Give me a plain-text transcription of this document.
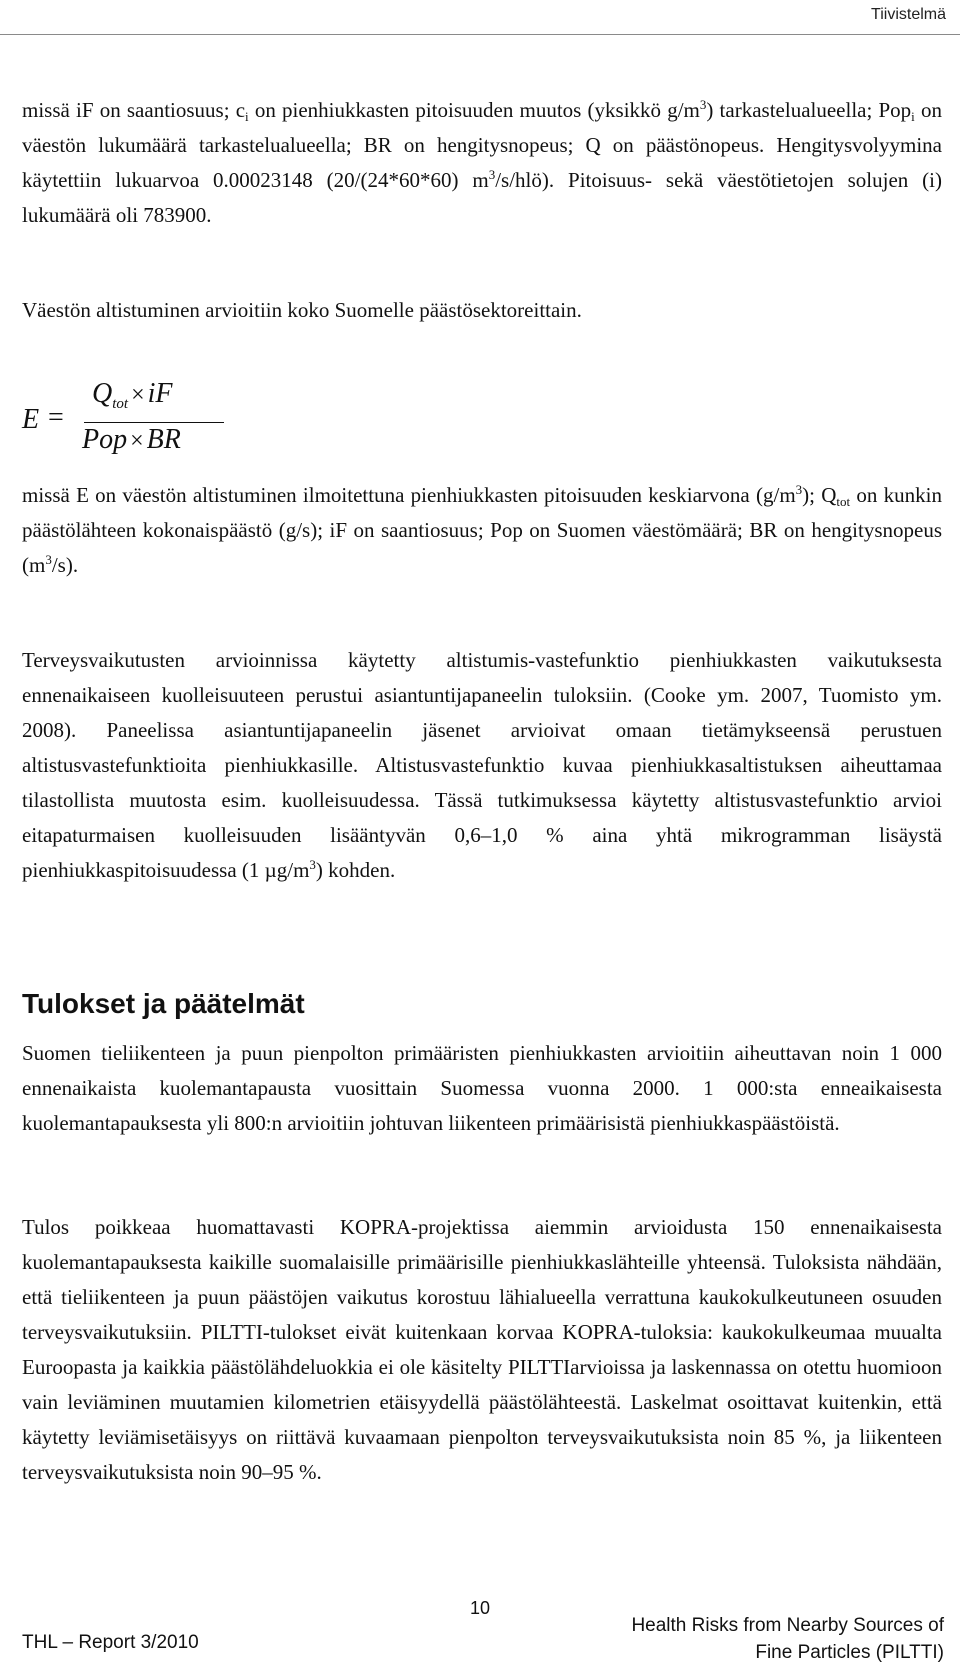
Tiivistelmä

missä iF on saantiosuus; $c_i$ on pienhiukkasten pitoisuuden muutos (yksikkö $g/m^3$) tarkastelualueella; Pop$_i$ on väestön lukumäärä tarkastelualueella; BR on hengitysnopeus; Q on päästönopeus. Hengitysvolyymina käytettiin lukuarvoa 0.00023148 (20/(24*60*60) $m^3/s/hlö$). Pitoisuus- sekä väestötietojen solujen (i) lukumäärä oli 783900.

Väestön altistuminen arvioitiin koko Suomelle päästösektoreittain.

E =
$Q_{tot}$ × iF
Pop × BR

missä E on väestön altistuminen ilmoitettuna pienhiukkasten pitoisuuden keskiarvona $(g/m^3)$; $Q_{tot}$ on kunkin päästölähteen kokonaispäästö (g/s); iF on saantiosuus; Pop on Suomen väestömäärä; BR on hengitysnopeus $(m^3/s)$.

Terveysvaikutusten arvioinnissa käytetty altistumis-vastefunktio pienhiukkasten vaikutuksesta ennenaikaiseen kuolleisuuteen perustui asiantuntijapaneelin tuloksiin. (Cooke ym. 2007, Tuomisto ym. 2008). Paneelissa asiantuntijapaneelin jäsenet arvioivat omaan tietämykseensä perustuen altistusvastefunktioita pienhiukkasille. Altistusvastefunktio kuvaa pienhiukkasaltistuksen aiheuttamaa tilastollista muutosta esim. kuolleisuudessa. Tässä tutkimuksessa käytetty altistusvastefunktio arvioi eitapaturmaisen kuolleisuuden lisääntyvän 0,6–1,0 % aina yhtä mikrogramman lisäystä pienhiukkaspitoisuudessa (1 $\mu g/m^3$) kohden.

Tulokset ja päätelmät

Suomen tieliikenteen ja puun pienpolton primääristen pienhiukkasten arvioitiin aiheuttavan noin 1 000 ennenaikaista kuolemantapausta vuosittain Suomessa vuonna 2000. 1 000:sta enneaikaisesta kuolemantapauksesta yli 800:n arvioitiin johtuvan liikenteen primäärisistä pienhiukkaspäästöistä.

Tulos poikkeaa huomattavasti KOPRA-projektissa aiemmin arvioidusta 150 ennenaikaisesta kuolemantapauksesta kaikille suomalaisille primäärisille pienhiukkaslähteille yhteensä. Tuloksista nähdään, että tieliikenteen ja puun päästöjen vaikutus korostuu lähialueella verrattuna kaukokulkeutuneen osuuden terveysvaikutuksiin. PILTTI-tulokset eivät kuitenkaan korvaa KOPRA-tuloksia: kaukokulkeumaa muualta Euroopasta ja kaikkia päästölähdeluokkia ei ole käsitelty PILTTIarvioissa ja laskennassa on otettu huomioon vain leviäminen muutamien kilometrien etäisyydellä päästölähteestä. Laskelmat osoittavat kuitenkin, että käytetty leviämisetäisyys on riittävä kuvaamaan pienpolton terveysvaikutuksista noin 85 %, ja liikenteen terveysvaikutuksista noin 90–95 %.

THL – Report 3/2010
10
Health Risks from Nearby Sources of
Fine Particles (PILTTI)
